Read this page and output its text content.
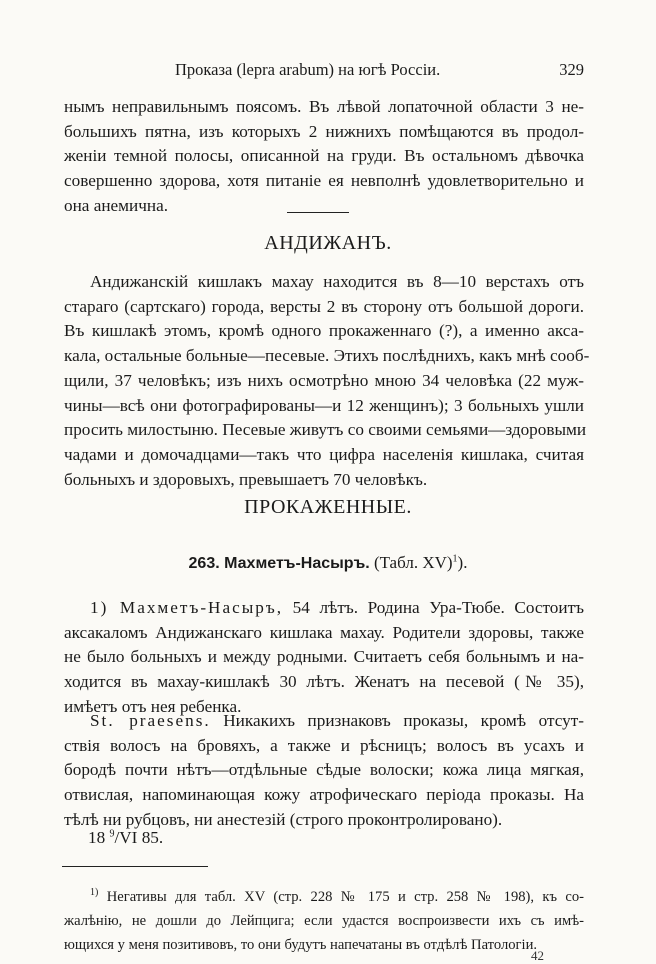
Проказа (lepra arabum) на югѣ Россіи.	329
нымъ неправильнымъ поясомъ. Въ лѣвой лопаточной области 3 не-
большихъ пятна, изъ которыхъ 2 нижнихъ помѣщаются въ продол-
женіи темной полосы, описанной на груди. Въ остальномъ дѣвочка
совершенно здорова, хотя питаніе ея невполнѣ удовлетворительно и
она анемична.
АНДИЖАНЪ.
Андижанскій кишлакъ махау находится въ 8—10 верстахъ отъ
стараго (сартскаго) города, версты 2 въ сторону отъ большой дороги.
Въ кишлакѣ этомъ, кромѣ одного прокаженнаго (?), а именно акса-
кала, остальные больные—песевые. Этихъ послѣднихъ, какъ мнѣ сооб-
щили, 37 человѣкъ; изъ нихъ осмотрѣно мною 34 человѣка (22 муж-
чины—всѣ они фотографированы—и 12 женщинъ); 3 больныхъ ушли
просить милостыню. Песевые живутъ со своими семьями—здоровыми
чадами и домочадцами—такъ что цифра населенія кишлака, считая
больныхъ и здоровыхъ, превышаетъ 70 человѣкъ.
ПРОКАЖЕННЫЕ.
263. Махметъ-Насыръ. (Табл. XV)$^1$).
1) Махметъ-Насыръ, 54 лѣтъ. Родина Ура-Тюбе. Состоитъ
аксакаломъ Андижанскаго кишлака махау. Родители здоровы, также
не было больныхъ и между родными. Считаетъ себя больнымъ и на-
ходится въ махау-кишлакѣ 30 лѣтъ. Женатъ на песевой (№ 35),
имѣетъ отъ нея ребенка.
St. praesens. Никакихъ признаковъ проказы, кромѣ отсут-
ствія волосъ на бровяхъ, а также и рѣсницъ; волосъ въ усахъ и
бородѣ почти нѣтъ—отдѣльные сѣдые волоски; кожа лица мягкая,
отвислая, напоминающая кожу атрофическаго періода проказы. На
тѣлѣ ни рубцовъ, ни анестезій (строго проконтролировано).
18 $^9$/VI 85.
$^{1)}$ Негативы для табл. XV (стр. 228 № 175 и стр. 258 № 198), къ со-
жалѣнію, не дошли до Лейпцига; если удастся воспроизвести ихъ съ имѣ-
ющихся у меня позитивовъ, то они будутъ напечатаны въ отдѣлѣ Патологіи.
42
